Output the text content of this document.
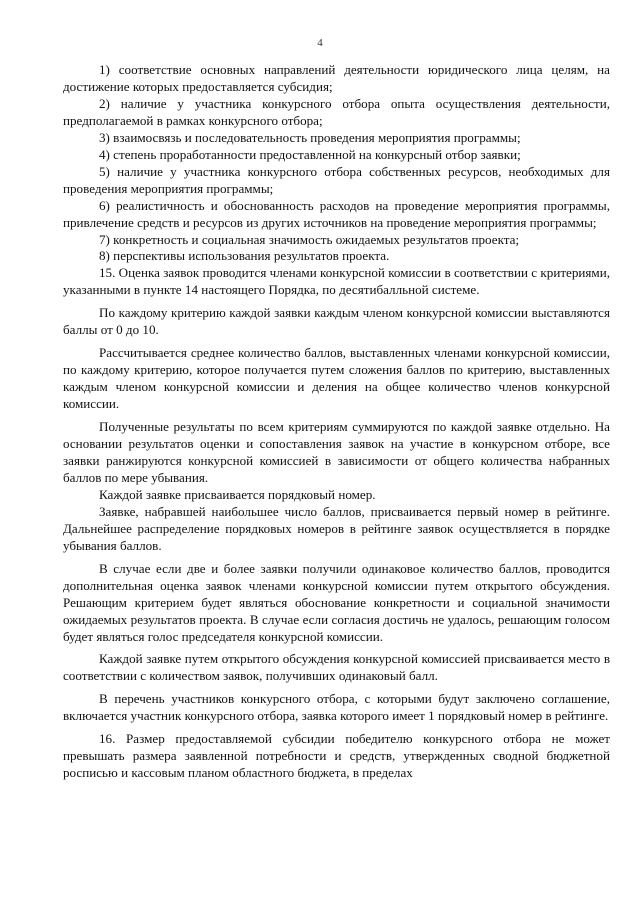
4

1) соответствие основных направлений деятельности юридического лица целям, на достижение которых предоставляется субсидия;

2) наличие у участника конкурсного отбора опыта осуществления деятельности, предполагаемой в рамках конкурсного отбора;

3) взаимосвязь и последовательность проведения мероприятия программы;

4) степень проработанности предоставленной на конкурсный отбор заявки;

5) наличие у участника конкурсного отбора собственных ресурсов, необходимых для проведения мероприятия программы;

6) реалистичность и обоснованность расходов на проведение мероприятия программы, привлечение средств и ресурсов из других источников на проведение мероприятия программы;

7) конкретность и социальная значимость ожидаемых результатов проекта;

8) перспективы использования результатов проекта.

15. Оценка заявок проводится членами конкурсной комиссии в соответствии с критериями, указанными в пункте 14 настоящего Порядка, по десятибалльной системе.

По каждому критерию каждой заявки каждым членом конкурсной комиссии выставляются баллы от 0 до 10.

Рассчитывается среднее количество баллов, выставленных членами конкурсной комиссии, по каждому критерию, которое получается путем сложения баллов по критерию, выставленных каждым членом конкурсной комиссии и деления на общее количество членов конкурсной комиссии.

Полученные результаты по всем критериям суммируются по каждой заявке отдельно. На основании результатов оценки и сопоставления заявок на участие в конкурсном отборе, все заявки ранжируются конкурсной комиссией в зависимости от общего количества набранных баллов по мере убывания.

Каждой заявке присваивается порядковый номер.

Заявке, набравшей наибольшее число баллов, присваивается первый номер в рейтинге. Дальнейшее распределение порядковых номеров в рейтинге заявок осуществляется в порядке убывания баллов.

В случае если две и более заявки получили одинаковое количество баллов, проводится дополнительная оценка заявок членами конкурсной комиссии путем открытого обсуждения. Решающим критерием будет являться обоснование конкретности и социальной значимости ожидаемых результатов проекта. В случае если согласия достичь не удалось, решающим голосом будет являться голос председателя конкурсной комиссии.

Каждой заявке путем открытого обсуждения конкурсной комиссией присваивается место в соответствии с количеством заявок, получивших одинаковый балл.

В перечень участников конкурсного отбора, с которыми будут заключено соглашение, включается участник конкурсного отбора, заявка которого имеет 1 порядковый номер в рейтинге.

16. Размер предоставляемой субсидии победителю конкурсного отбора не может превышать размера заявленной потребности и средств, утвержденных сводной бюджетной росписью и кассовым планом областного бюджета, в пределах
